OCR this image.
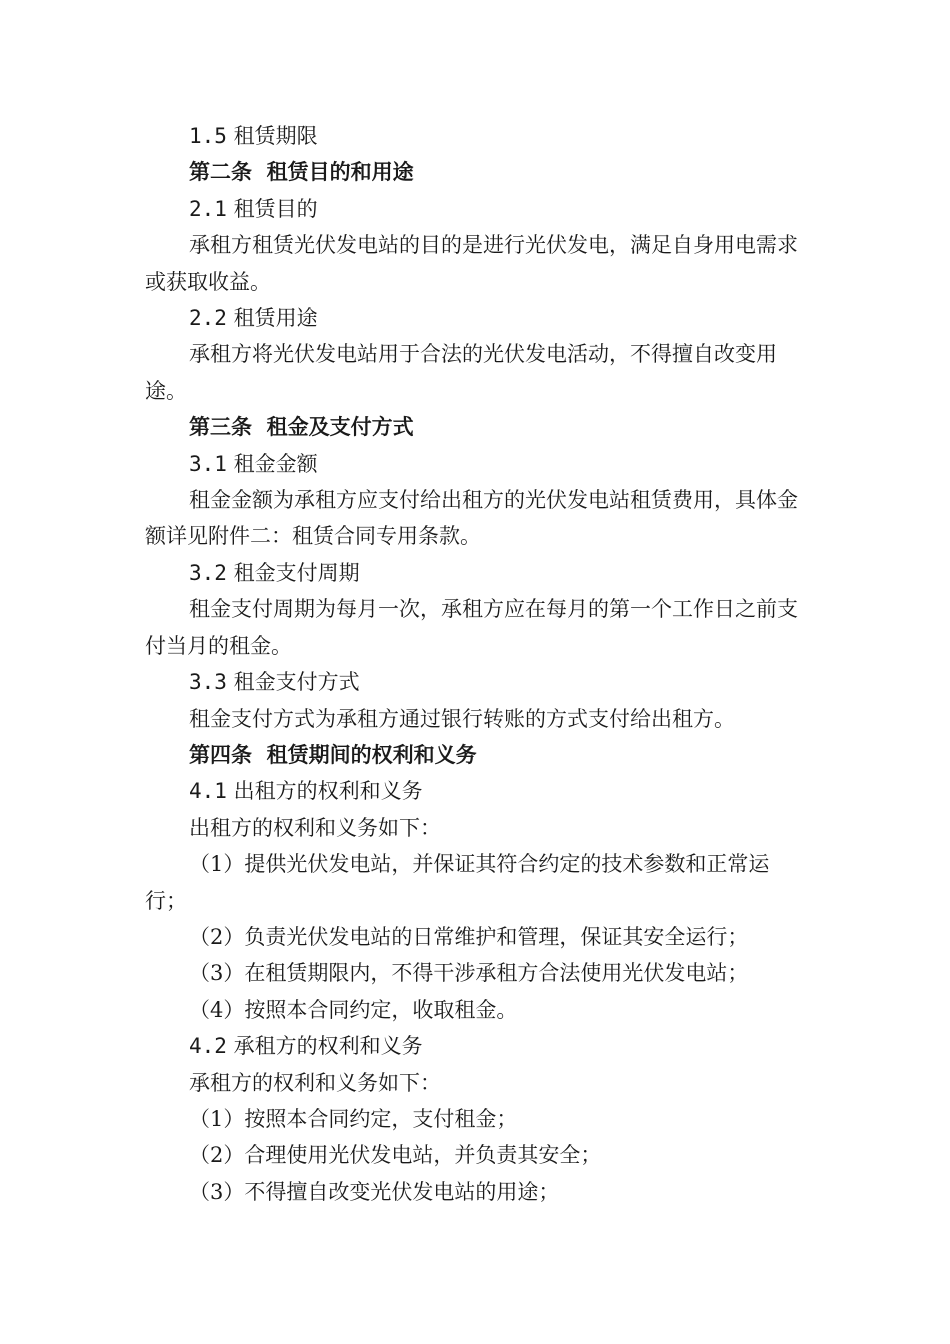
1.5 租赁期限

第二条  租赁目的和用途

2.1 租赁目的

承租方租赁光伏发电站的目的是进行光伏发电，满足自身用电需求或获取收益。

2.2 租赁用途

承租方将光伏发电站用于合法的光伏发电活动，不得擅自改变用途。

第三条  租金及支付方式

3.1 租金金额

租金金额为承租方应支付给出租方的光伏发电站租赁费用，具体金额详见附件二：租赁合同专用条款。

3.2 租金支付周期

租金支付周期为每月一次，承租方应在每月的第一个工作日之前支付当月的租金。

3.3 租金支付方式

租金支付方式为承租方通过银行转账的方式支付给出租方。

第四条  租赁期间的权利和义务

4.1 出租方的权利和义务

出租方的权利和义务如下：

（1）提供光伏发电站，并保证其符合约定的技术参数和正常运行；

（2）负责光伏发电站的日常维护和管理，保证其安全运行；

（3）在租赁期限内，不得干涉承租方合法使用光伏发电站；

（4）按照本合同约定，收取租金。

4.2 承租方的权利和义务

承租方的权利和义务如下：

（1）按照本合同约定，支付租金；

（2）合理使用光伏发电站，并负责其安全；

（3）不得擅自改变光伏发电站的用途；
